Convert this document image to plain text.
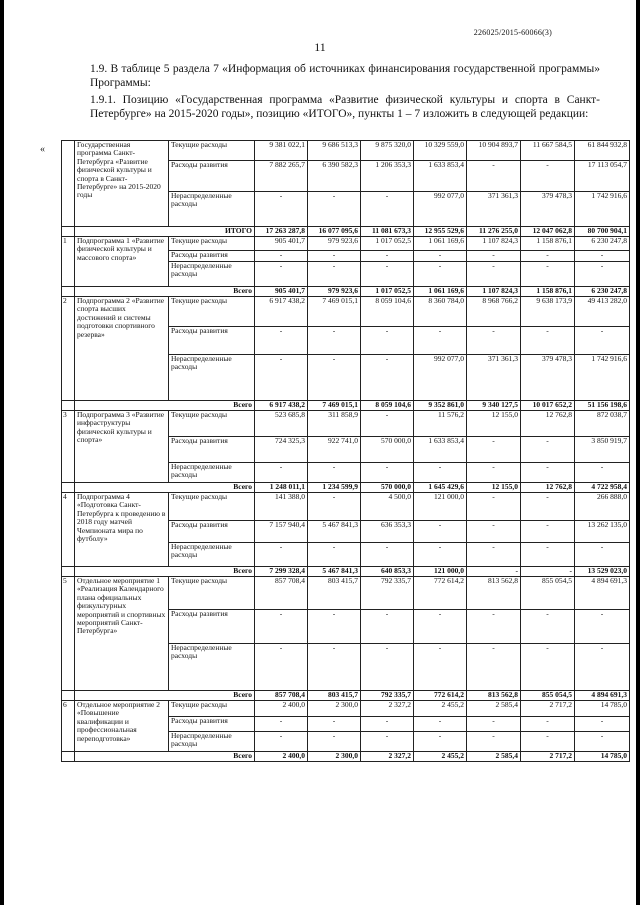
226025/2015-60066(3)
11
1.9. В таблице 5 раздела 7 «Информация об источниках финансирования государственной программы» Программы:
1.9.1. Позицию «Государственная программа «Развитие физической культуры и спорта в Санкт-Петербурге» на 2015-2020 годы», позицию «ИТОГО», пункты 1 – 7 изложить в следующей редакции:
«
		Государственная программа Санкт-Петербурга «Развитие физической культуры и спорта в Санкт-Петербурге» на 2015-2020 годы	Текущие расходы	9 381 022,1	9 686 513,3	9 875 320,0	10 329 559,0	10 904 893,7	11 667 584,5	61 844 932,8
		Расходы развития	7 882 265,7	6 390 582,3	1 206 353,3	1 633 853,4	-	-	17 113 054,7
		Нераспределенные расходы	-	-	-	992 077,0	371 361,3	379 478,3	1 742 916,6
	ИТОГО		17 263 287,8	16 077 095,6	11 081 673,3	12 955 529,6	11 276 255,0	12 047 062,8	80 700 904,1
1	Подпрограмма 1 «Развитие физической культуры и массового спорта»	Текущие расходы	905 401,7	979 923,6	1 017 052,5	1 061 169,6	1 107 824,3	1 158 876,1	6 230 247,8
		Расходы развития	-	-	-	-	-	-	-
		Нераспределенные расходы	-	-	-	-	-	-	-
	Всего		905 401,7	979 923,6	1 017 052,5	1 061 169,6	1 107 824,3	1 158 876,1	6 230 247,8
2	Подпрограмма 2 «Развитие спорта высших достижений и системы подготовки спортивного резерва»	Текущие расходы	6 917 438,2	7 469 015,1	8 059 104,6	8 360 784,0	8 968 766,2	9 638 173,9	49 413 282,0
		Расходы развития	-	-	-	-	-	-	-
		Нераспределенные расходы	-	-	-	992 077,0	371 361,3	379 478,3	1 742 916,6
	Всего		6 917 438,2	7 469 015,1	8 059 104,6	9 352 861,0	9 340 127,5	10 017 652,2	51 156 198,6
3	Подпрограмма 3 «Развитие инфраструктуры физической культуры и спорта»	Текущие расходы	523 685,8	311 858,9	-	11 576,2	12 155,0	12 762,8	872 038,7
		Расходы развития	724 325,3	922 741,0	570 000,0	1 633 853,4	-	-	3 850 919,7
		Нераспределенные расходы	-	-	-	-	-	-	-
	Всего		1 248 011,1	1 234 599,9	570 000,0	1 645 429,6	12 155,0	12 762,8	4 722 958,4
4	Подпрограмма 4 «Подготовка Санкт-Петербурга к проведению в 2018 году матчей Чемпионата мира по футболу»	Текущие расходы	141 388,0	-	4 500,0	121 000,0	-	-	266 888,0
		Расходы развития	7 157 940,4	5 467 841,3	636 353,3	-	-	-	13 262 135,0
		Нераспределенные расходы	-	-	-	-	-	-	-
	Всего		7 299 328,4	5 467 841,3	640 853,3	121 000,0	-	-	13 529 023,0
5	Отдельное мероприятие 1 «Реализация Календарного плана официальных физкультурных мероприятий и спортивных мероприятий Санкт-Петербурга»	Текущие расходы	857 708,4	803 415,7	792 335,7	772 614,2	813 562,8	855 054,5	4 894 691,3
		Расходы развития	-	-	-	-	-	-	-
		Нераспределенные расходы	-	-	-	-	-	-	-
	Всего		857 708,4	803 415,7	792 335,7	772 614,2	813 562,8	855 054,5	4 894 691,3
6	Отдельное мероприятие 2 «Повышение квалификации и профессиональная переподготовка»	Текущие расходы	2 400,0	2 300,0	2 327,2	2 455,2	2 585,4	2 717,2	14 785,0
		Расходы развития	-	-	-	-	-	-	-
		Нераспределенные расходы	-	-	-	-	-	-	-
	Всего		2 400,0	2 300,0	2 327,2	2 455,2	2 585,4	2 717,2	14 785,0
